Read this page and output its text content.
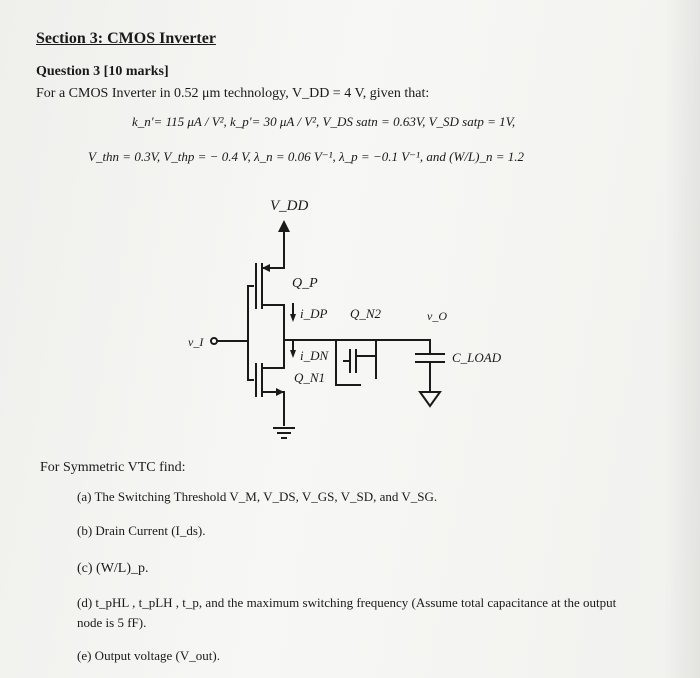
Section 3: CMOS Inverter
Question 3 [10 marks]
For a CMOS Inverter in 0.52 μm technology, V_DD = 4 V, given that:
k_n'= 115 μA / V², k_p'= 30 μA / V², V_DS satn = 0.63V, V_SD satp = 1V,
V_thn = 0.3V, V_thp = − 0.4 V, λ_n = 0.06 V⁻¹, λ_p = −0.1 V⁻¹, and (W/L)_n = 1.2
V_DD
Q_P
i_DP Q_N2	v_O
v_I
i_DN
Q_N1
C_LOAD
For Symmetric VTC find:
(a) The Switching Threshold V_M, V_DS, V_GS, V_SD, and V_SG.
(b) Drain Current (I_ds).
(c) (W/L)_p.
(d) t_pHL , t_pLH , t_p, and the maximum switching frequency (Assume total capacitance at the output
node is 5 fF).
(e) Output voltage (V_out).
